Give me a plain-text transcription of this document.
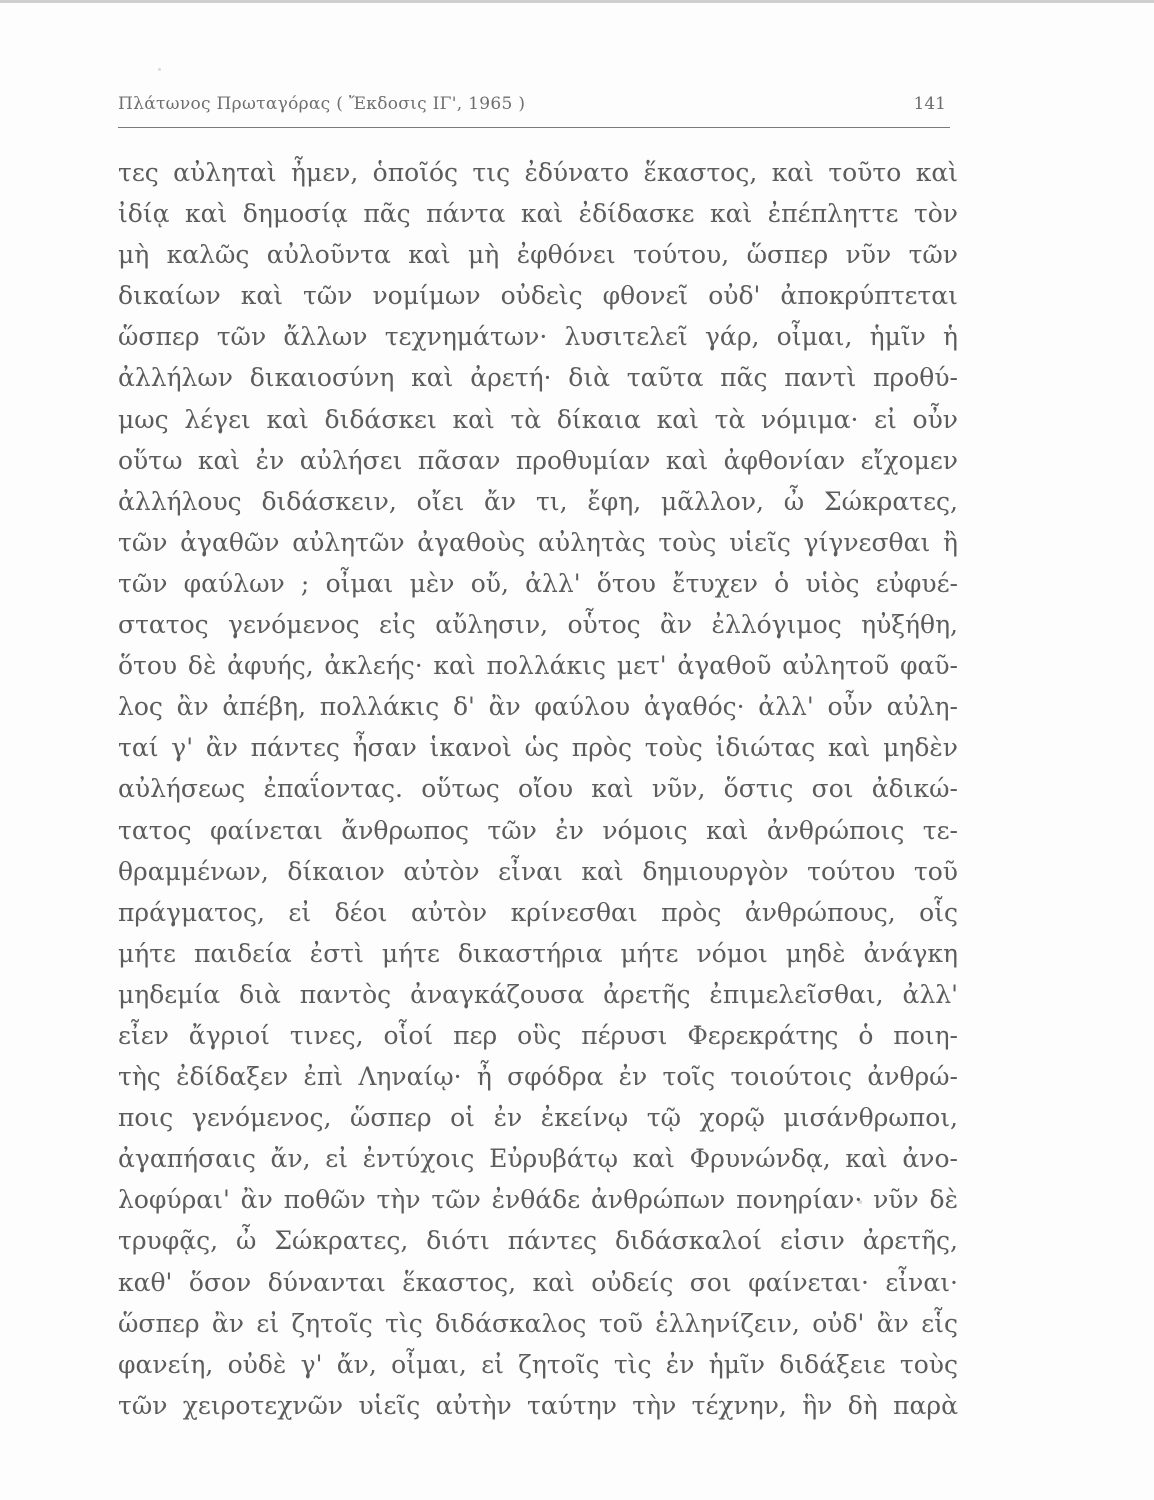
Πλάτωνος Πρωταγόρας ( Ἔκδοσις ΙΓ', 1965 )	141
τες αὐληταὶ ἦμεν, ὁποῖός τις ἐδύνατο ἕκαστος, καὶ τοῦτο καὶ
ἰδίᾳ καὶ δημοσίᾳ πᾶς πάντα καὶ ἐδίδασκε καὶ ἐπέπληττε τὸν
μὴ καλῶς αὐλοῦντα καὶ μὴ ἐφθόνει τούτου, ὥσπερ νῦν τῶν
δικαίων καὶ τῶν νομίμων οὐδεὶς φθονεῖ οὐδ' ἀποκρύπτεται
ὥσπερ τῶν ἄλλων τεχνημάτων· λυσιτελεῖ γάρ, οἶμαι, ἡμῖν ἡ
ἀλλήλων δικαιοσύνη καὶ ἀρετή· διὰ ταῦτα πᾶς παντὶ προθύ-
μως λέγει καὶ διδάσκει καὶ τὰ δίκαια καὶ τὰ νόμιμα· εἰ οὖν
οὕτω καὶ ἐν αὐλήσει πᾶσαν προθυμίαν καὶ ἀφθονίαν εἴχομεν
ἀλλήλους διδάσκειν, οἴει ἄν τι, ἔφη, μᾶλλον, ὦ Σώκρατες,
τῶν ἀγαθῶν αὐλητῶν ἀγαθοὺς αὐλητὰς τοὺς υἱεῖς γίγνεσθαι ἢ
τῶν φαύλων ; οἶμαι μὲν οὔ, ἀλλ' ὅτου ἔτυχεν ὁ υἱὸς εὐφυέ-
στατος γενόμενος εἰς αὔλησιν, οὗτος ἂν ἐλλόγιμος ηὐξήθη,
ὅτου δὲ ἀφυής, ἀκλεής· καὶ πολλάκις μετ' ἀγαθοῦ αὐλητοῦ φαῦ-
λος ἂν ἀπέβη, πολλάκις δ' ἂν φαύλου ἀγαθός· ἀλλ' οὖν αὐλη-
ταί γ' ἂν πάντες ἦσαν ἱκανοὶ ὡς πρὸς τοὺς ἰδιώτας καὶ μηδὲν
αὐλήσεως ἐπαΐοντας. οὕτως οἴου καὶ νῦν, ὅστις σοι ἀδικώ-
τατος φαίνεται ἄνθρωπος τῶν ἐν νόμοις καὶ ἀνθρώποις τε-
θραμμένων, δίκαιον αὐτὸν εἶναι καὶ δημιουργὸν τούτου τοῦ
πράγματος, εἰ δέοι αὐτὸν κρίνεσθαι πρὸς ἀνθρώπους, οἷς
μήτε παιδεία ἐστὶ μήτε δικαστήρια μήτε νόμοι μηδὲ ἀνάγκη
μηδεμία διὰ παντὸς ἀναγκάζουσα ἀρετῆς ἐπιμελεῖσθαι, ἀλλ'
εἶεν ἄγριοί τινες, οἷοί περ οὓς πέρυσι Φερεκράτης ὁ ποιη-
τὴς ἐδίδαξεν ἐπὶ Ληναίῳ· ἦ σφόδρα ἐν τοῖς τοιούτοις ἀνθρώ-
ποις γενόμενος, ὥσπερ οἱ ἐν ἐκείνῳ τῷ χορῷ μισάνθρωποι,
ἀγαπήσαις ἄν, εἰ ἐντύχοις Εὐρυβάτῳ καὶ Φρυνώνδᾳ, καὶ ἀνο-
λοφύραι' ἂν ποθῶν τὴν τῶν ἐνθάδε ἀνθρώπων πονηρίαν· νῦν δὲ
τρυφᾷς, ὦ Σώκρατες, διότι πάντες διδάσκαλοί εἰσιν ἀρετῆς,
καθ' ὅσον δύνανται ἕκαστος, καὶ οὐδείς σοι φαίνεται· εἶναι·
ὥσπερ ἂν εἰ ζητοῖς τὶς διδάσκαλος τοῦ ἑλληνίζειν, οὐδ' ἂν εἷς
φανείη, οὐδὲ γ' ἄν, οἶμαι, εἰ ζητοῖς τὶς ἐν ἡμῖν διδάξειε τοὺς
τῶν χειροτεχνῶν υἱεῖς αὐτὴν ταύτην τὴν τέχνην, ἣν δὴ παρὰ
